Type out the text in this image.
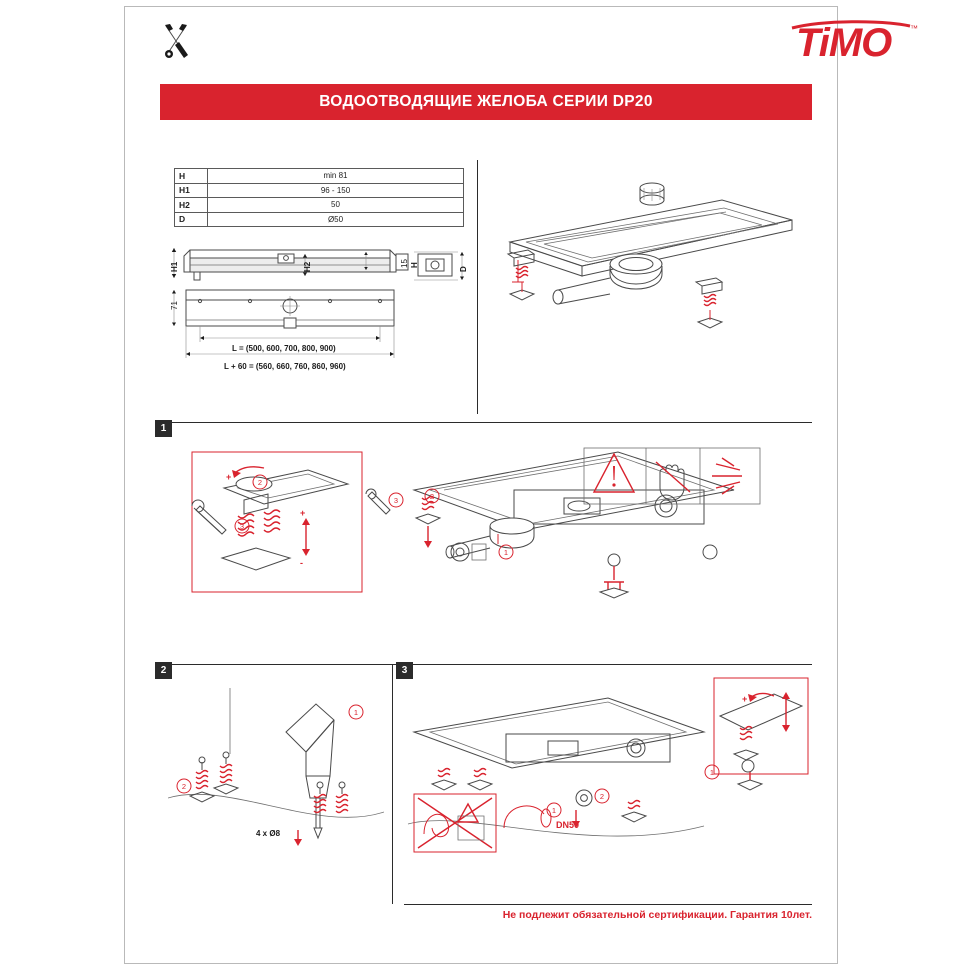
TiMO ™
ВОДООТВОДЯЩИЕ ЖЕЛОБА СЕРИИ DP20
H	min 81
H1	96 - 150
H2	50
D	Ø50
H1	H2	15 H
D
71
L = (500, 600, 700, 800, 900)
L + 60 = (560, 660, 760, 860, 960)
1
2
+
3
+
-
3	2
1
2	3
2
1
4 x Ø8
2
1
DN50
+
1
Не подлежит обязательной сертификации. Гарантия 10лет.
